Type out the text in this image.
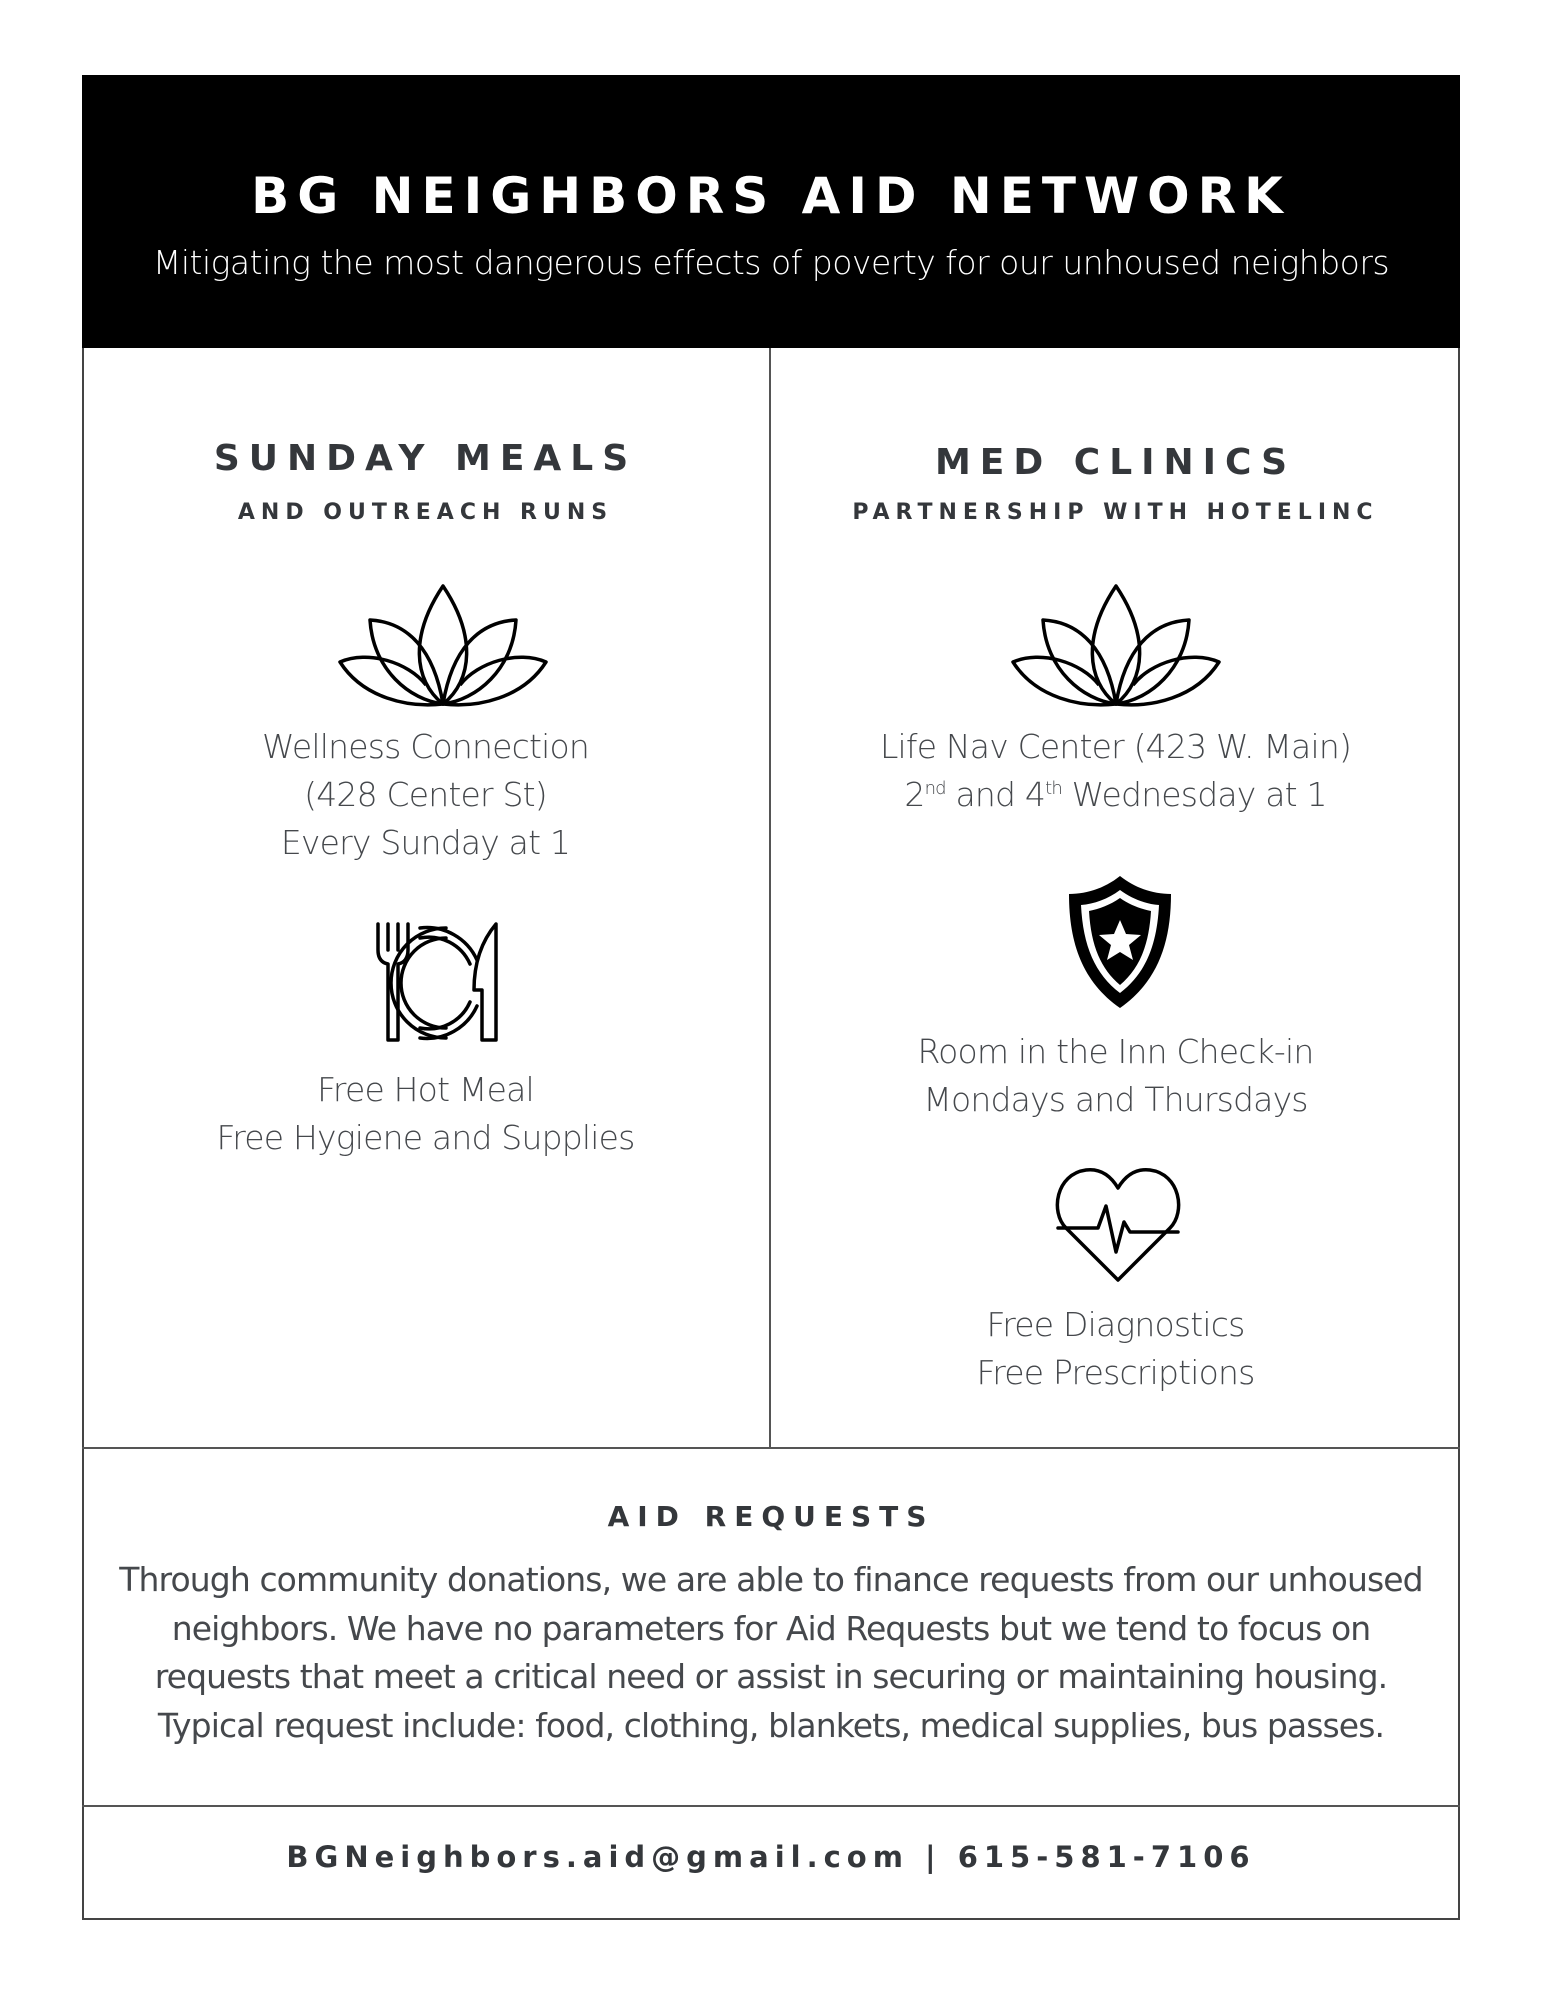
BG NEIGHBORS AID NETWORK
Mitigating the most dangerous effects of poverty for our unhoused neighbors
SUNDAY MEALS
AND OUTREACH RUNS
Wellness Connection
(428 Center St)
Every Sunday at 1
Free Hot Meal
Free Hygiene and Supplies
MED CLINICS
PARTNERSHIP WITH HOTELINC
Life Nav Center (423 W. Main)
2nd and 4th Wednesday at 1
Room in the Inn Check-in
Mondays and Thursdays
Free Diagnostics
Free Prescriptions
AID REQUESTS
Through community donations, we are able to finance requests from our unhoused
neighbors. We have no parameters for Aid Requests but we tend to focus on
requests that meet a critical need or assist in securing or maintaining housing.
Typical request include: food, clothing, blankets, medical supplies, bus passes.
BGNeighbors.aid@gmail.com | 615-581-7106
